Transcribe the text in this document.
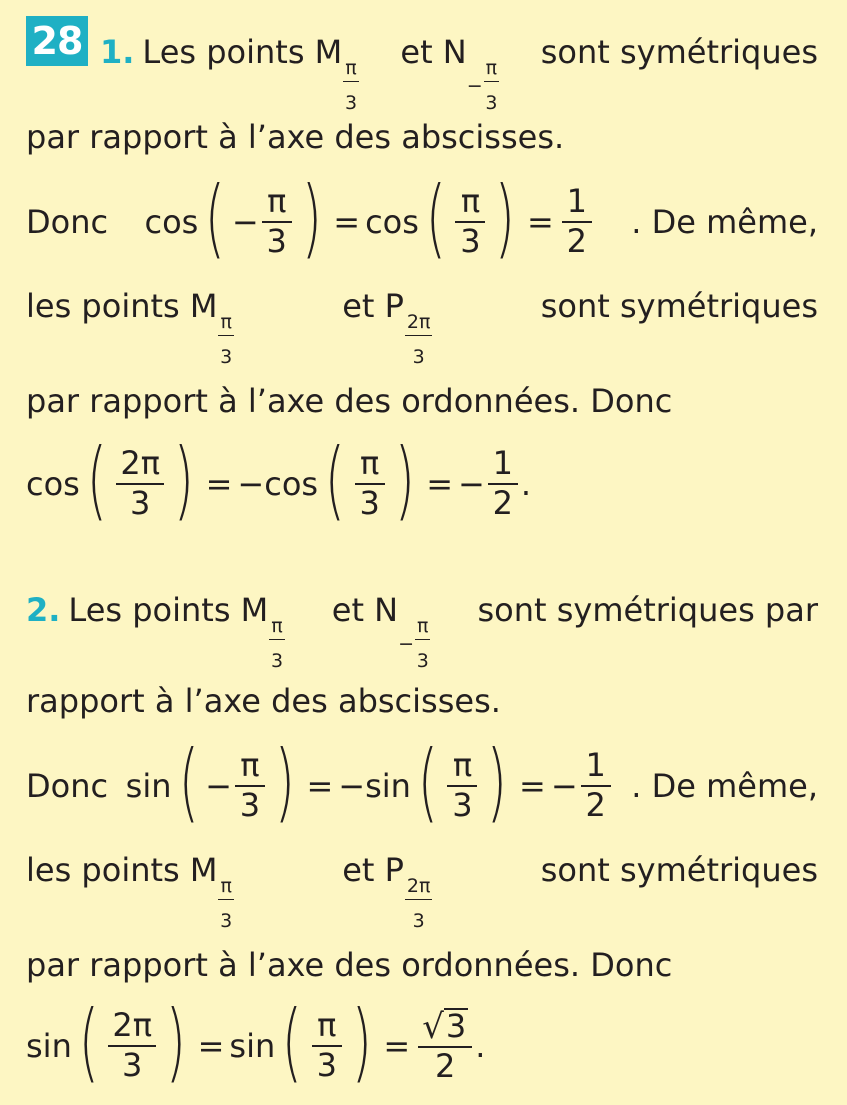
28 1. Les points M π
3
et N
− $\frac{\pi}{3}$
sont symétriques
par rapport à l’axe des abscisses.
Donc cos ( − $\frac{\pi}{3}$ ) = cos ( $\frac{\pi}{3}$ ) = $\frac{1}{2}$ . De même,
les points M π
3
et P 2π
3
sont symétriques
par rapport à l’axe des ordonnées. Donc
cos ( $\frac{2\pi}{3}$ ) = − cos ( $\frac{\pi}{3}$ ) = − $\frac{1}{2}$ .
2. Les points M π
3
et N
− $\frac{\pi}{3}$
sont symétriques par
rapport à l’axe des abscisses.
Donc sin ( − $\frac{\pi}{3}$ ) = − sin ( $\frac{\pi}{3}$ ) = − $\frac{1}{2}$ . De même,
les points M π
3
et P 2π
3
sont symétriques
par rapport à l’axe des ordonnées. Donc
sin ( $\frac{2\pi}{3}$ ) = sin ( $\frac{\pi}{3}$ ) = $\frac{√ 3}{2}$ .
